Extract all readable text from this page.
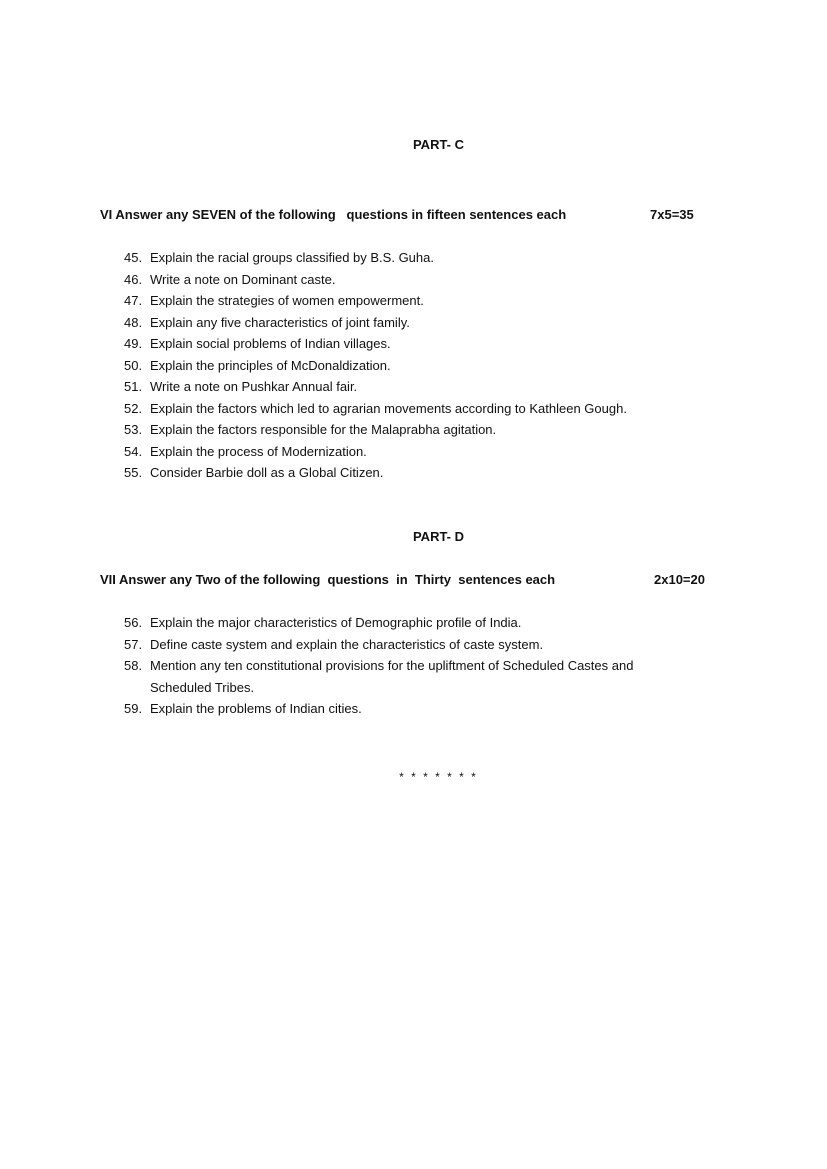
PART- C
VI Answer any SEVEN of the following   questions in fifteen sentences each	7x5=35
45. Explain the racial groups classified by B.S. Guha.
46. Write a note on Dominant caste.
47. Explain the strategies of women empowerment.
48. Explain any five characteristics of joint family.
49. Explain social problems of Indian villages.
50. Explain the principles of McDonaldization.
51. Write a note on Pushkar Annual fair.
52. Explain the factors which led to agrarian movements according to Kathleen Gough.
53. Explain the factors responsible for the Malaprabha agitation.
54. Explain the process of Modernization.
55. Consider Barbie doll as a Global Citizen.
PART- D
VII Answer any Two of the following  questions  in  Thirty  sentences each	2x10=20
56. Explain the major characteristics of Demographic profile of India.
57. Define caste system and explain the characteristics of caste system.
58. Mention any ten constitutional provisions for the upliftment of Scheduled Castes and Scheduled Tribes.
59. Explain the problems of Indian cities.
* * * * * * *
